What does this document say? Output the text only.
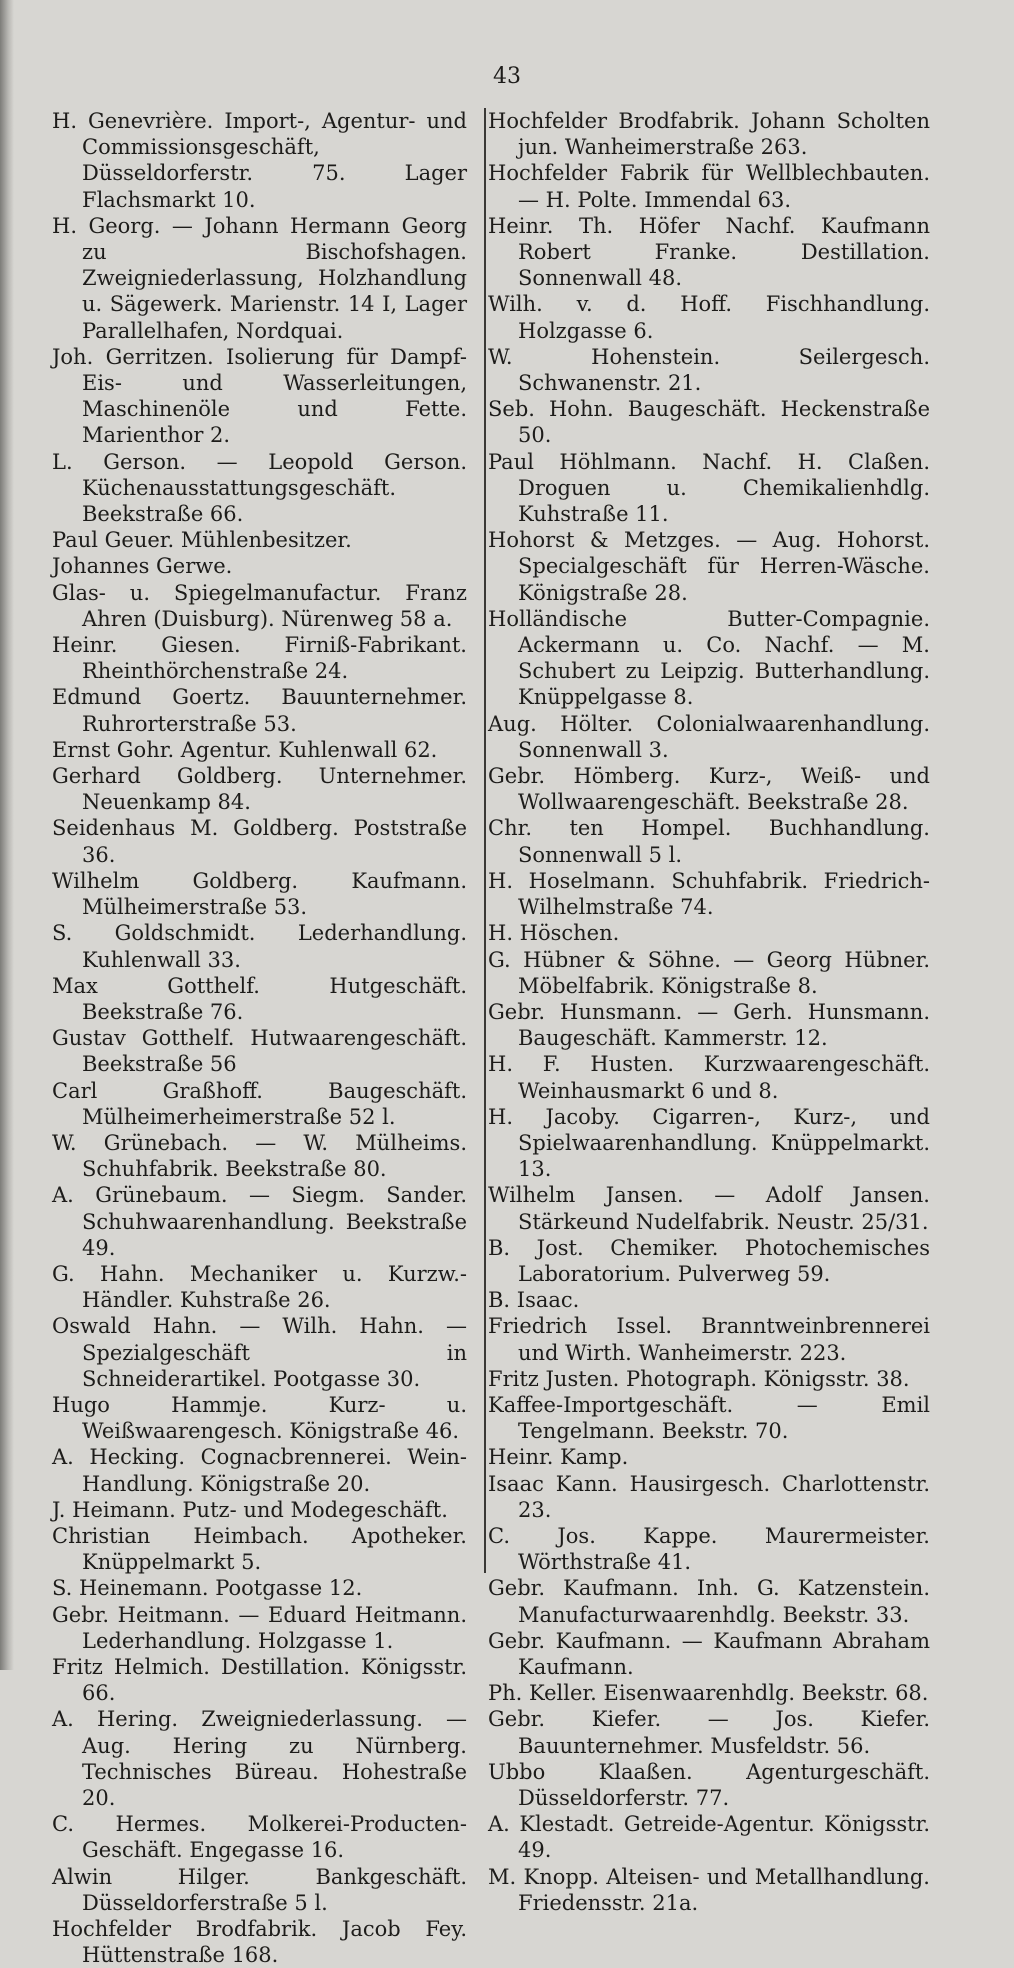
43

H. Genevrière. Import-, Agentur- und Commissionsgeschäft, Düsseldorferstr. 75. Lager Flachsmarkt 10.

H. Georg. — Johann Hermann Georg zu Bischofshagen. Zweigniederlassung, Holzhandlung u. Sägewerk. Marienstr. 14 I, Lager Parallelhafen, Nordquai.

Joh. Gerritzen. Isolierung für Dampf-Eis- und Wasserleitungen, Maschinenöle und Fette. Marienthor 2.

L. Gerson. — Leopold Gerson. Küchenausstattungsgeschäft. Beekstraße 66.

Paul Geuer. Mühlenbesitzer.

Johannes Gerwe.

Glas- u. Spiegelmanufactur. Franz Ahren (Duisburg). Nürenweg 58 a.

Heinr. Giesen. Firniß-Fabrikant. Rheinthörchenstraße 24.

Edmund Goertz. Bauunternehmer. Ruhrorterstraße 53.

Ernst Gohr. Agentur. Kuhlenwall 62.

Gerhard Goldberg. Unternehmer. Neuenkamp 84.

Seidenhaus M. Goldberg. Poststraße 36.

Wilhelm Goldberg. Kaufmann. Mülheimerstraße 53.

S. Goldschmidt. Lederhandlung. Kuhlenwall 33.

Max Gotthelf. Hutgeschäft. Beekstraße 76.

Gustav Gotthelf. Hutwaarengeschäft. Beekstraße 56

Carl Graßhoff. Baugeschäft. Mülheimerheimerstraße 52 l.

W. Grünebach. — W. Mülheims. Schuhfabrik. Beekstraße 80.

A. Grünebaum. — Siegm. Sander. Schuhwaarenhandlung. Beekstraße 49.

G. Hahn. Mechaniker u. Kurzw.-Händler. Kuhstraße 26.

Oswald Hahn. — Wilh. Hahn. — Spezialgeschäft in Schneiderartikel. Pootgasse 30.

Hugo Hammje. Kurz- u. Weißwaarengesch. Königstraße 46.

A. Hecking. Cognacbrennerei. Wein-Handlung. Königstraße 20.

J. Heimann. Putz- und Modegeschäft.

Christian Heimbach. Apotheker. Knüppelmarkt 5.

S. Heinemann. Pootgasse 12.

Gebr. Heitmann. — Eduard Heitmann. Lederhandlung. Holzgasse 1.

Fritz Helmich. Destillation. Königsstr. 66.

A. Hering. Zweigniederlassung. — Aug. Hering zu Nürnberg. Technisches Büreau. Hohestraße 20.

C. Hermes. Molkerei-Producten-Geschäft. Engegasse 16.

Alwin Hilger. Bankgeschäft. Düsseldorferstraße 5 l.

Hochfelder Brodfabrik. Jacob Fey. Hüttenstraße 168.

Hochfelder Brodfabrik. Johann Scholten jun. Wanheimerstraße 263.

Hochfelder Fabrik für Wellblechbauten. — H. Polte. Immendal 63.

Heinr. Th. Höfer Nachf. Kaufmann Robert Franke. Destillation. Sonnenwall 48.

Wilh. v. d. Hoff. Fischhandlung. Holzgasse 6.

W. Hohenstein. Seilergesch. Schwanenstr. 21.

Seb. Hohn. Baugeschäft. Heckenstraße 50.

Paul Höhlmann. Nachf. H. Claßen. Droguen u. Chemikalienhdlg. Kuhstraße 11.

Hohorst & Metzges. — Aug. Hohorst. Specialgeschäft für Herren-Wäsche. Königstraße 28.

Holländische Butter-Compagnie. Ackermann u. Co. Nachf. — M. Schubert zu Leipzig. Butterhandlung. Knüppelgasse 8.

Aug. Hölter. Colonialwaarenhandlung. Sonnenwall 3.

Gebr. Hömberg. Kurz-, Weiß- und Wollwaarengeschäft. Beekstraße 28.

Chr. ten Hompel. Buchhandlung. Sonnenwall 5 l.

H. Hoselmann. Schuhfabrik. Friedrich-Wilhelmstraße 74.

H. Höschen.

G. Hübner & Söhne. — Georg Hübner. Möbelfabrik. Königstraße 8.

Gebr. Hunsmann. — Gerh. Hunsmann. Baugeschäft. Kammerstr. 12.

H. F. Husten. Kurzwaarengeschäft. Weinhausmarkt 6 und 8.

H. Jacoby. Cigarren-, Kurz-, und Spielwaarenhandlung. Knüppelmarkt. 13.

Wilhelm Jansen. — Adolf Jansen. Stärkeund Nudelfabrik. Neustr. 25/31.

B. Jost. Chemiker. Photochemisches Laboratorium. Pulverweg 59.

B. Isaac.

Friedrich Issel. Branntweinbrennerei und Wirth. Wanheimerstr. 223.

Fritz Justen. Photograph. Königsstr. 38.

Kaffee-Importgeschäft. — Emil Tengelmann. Beekstr. 70.

Heinr. Kamp.

Isaac Kann. Hausirgesch. Charlottenstr. 23.

C. Jos. Kappe. Maurermeister. Wörthstraße 41.

Gebr. Kaufmann. Inh. G. Katzenstein. Manufacturwaarenhdlg. Beekstr. 33.

Gebr. Kaufmann. — Kaufmann Abraham Kaufmann.

Ph. Keller. Eisenwaarenhdlg. Beekstr. 68.

Gebr. Kiefer. — Jos. Kiefer. Bauunternehmer. Musfeldstr. 56.

Ubbo Klaaßen. Agenturgeschäft. Düsseldorferstr. 77.

A. Klestadt. Getreide-Agentur. Königsstr. 49.

M. Knopp. Alteisen- und Metallhandlung. Friedensstr. 21a.
